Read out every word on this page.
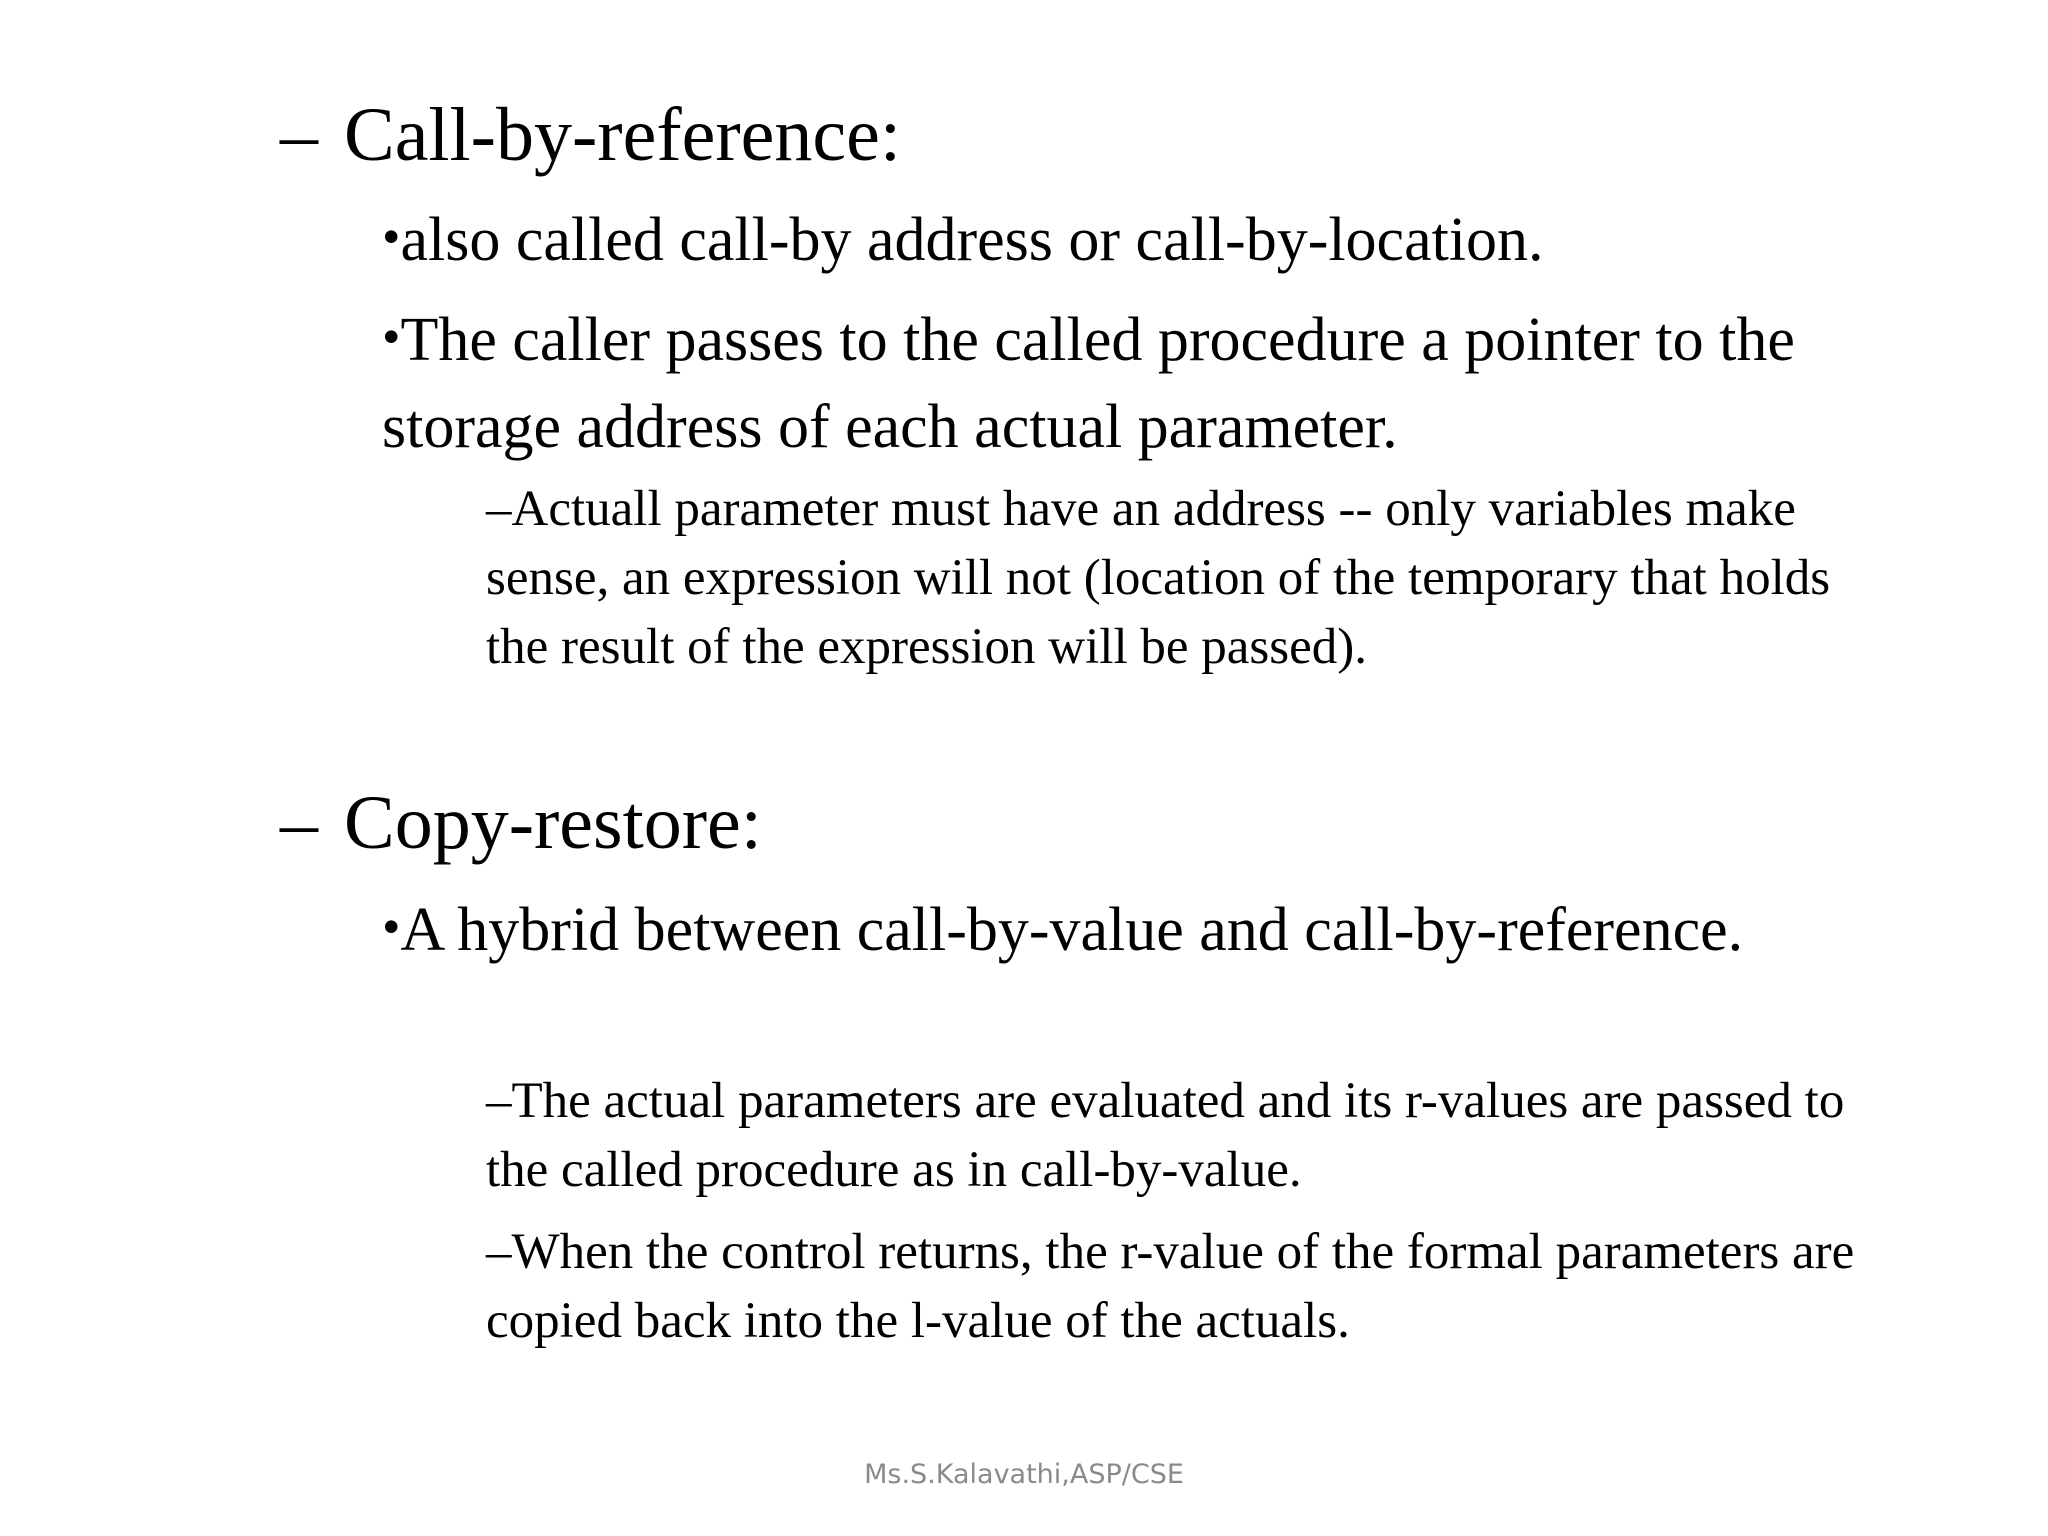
– Call-by-reference:
•also called call-by address or call-by-location.
•The caller passes to the called procedure a pointer to the storage address of each actual parameter.
–Actuall parameter must have an address -- only variables make sense, an expression will not (location of the temporary that holds the result of the expression will be passed).
– Copy-restore:
•A hybrid between call-by-value and call-by-reference.
–The actual parameters are evaluated and its r-values are passed to the called procedure as in call-by-value.
–When the control returns, the r-value of the formal parameters are copied back into the l-value of the actuals.
Ms.S.Kalavathi,ASP/CSE
